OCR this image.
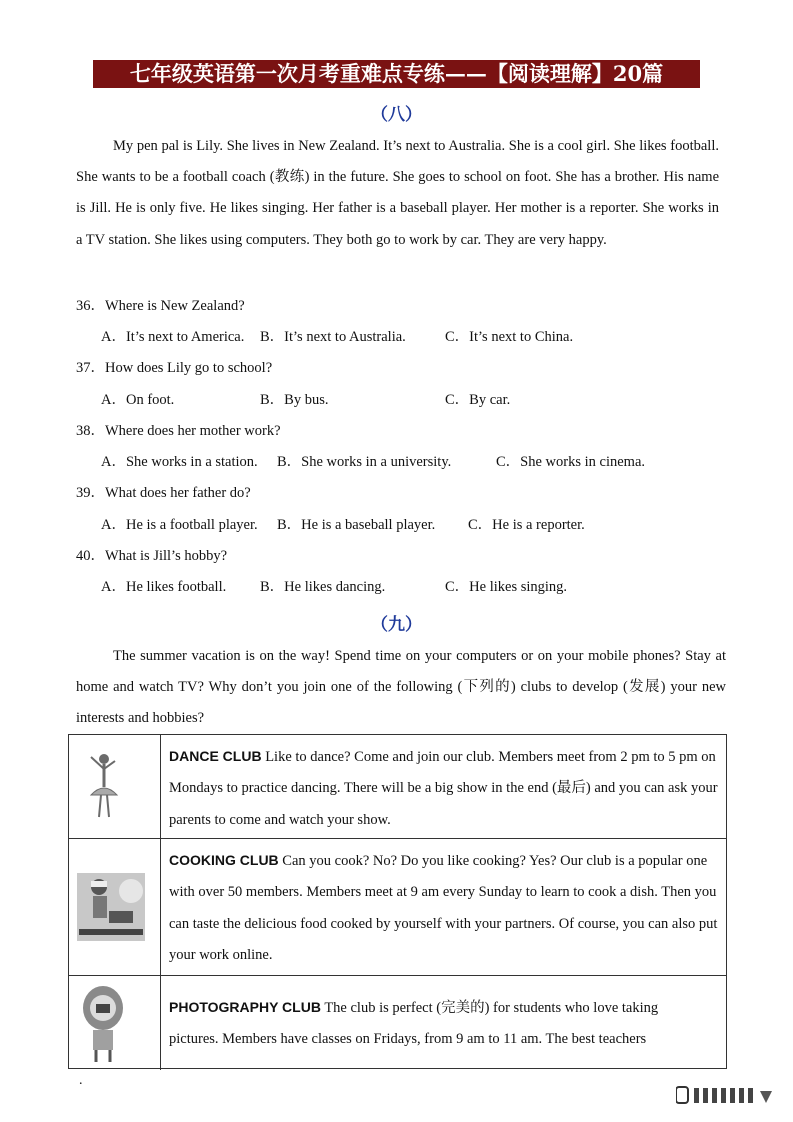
七年级英语第一次月考重难点专练——【阅读理解】20篇
（八）

My pen pal is Lily. She lives in New Zealand. It’s next to Australia. She is a cool girl. She likes football. She wants to be a football coach (教练) in the future. She goes to school on foot. She has a brother. His name is Jill. He is only five. He likes singing. Her father is a baseball player. Her mother is a reporter. She works in a TV station. She likes using computers. They both go to work by car. They are very happy.

36．Where is New Zealand?
A．It’s next to America. B．It’s next to Australia.	C．It’s next to China.
37．How does Lily go to school?
A．On foot.	B．By bus.	C．By car.
38．Where does her mother work?
A．She works in a station. B．She works in a university.	C．She works in cinema.
39．What does her father do?
A．He is a football player. B．He is a baseball player. C．He is a reporter.
40．What is Jill’s hobby?
A．He likes football. B．He likes dancing.	C．He likes singing.
（九）

The summer vacation is on the way! Spend time on your computers or on your mobile phones? Stay at home and watch TV? Why don’t you join one of the following (下列的) clubs to develop (发展) your new interests and hobbies?

DANCE CLUB Like to dance? Come and join our club. Members meet from 2 pm to 5 pm on Mondays to practice dancing. There will be a big show in the end (最后) and you can ask your parents to come and watch your show.

COOKING CLUB Can you cook? No? Do you like cooking? Yes? Our club is a popular one with over 50 members. Members meet at 9 am every Sunday to learn to cook a dish. Then you can taste the delicious food cooked by yourself with your partners. Of course, you can also put your work online.

PHOTOGRAPHY CLUB The club is perfect (完美的) for students who love taking pictures. Members have classes on Fridays, from 9 am to 11 am. The best teachers

.
